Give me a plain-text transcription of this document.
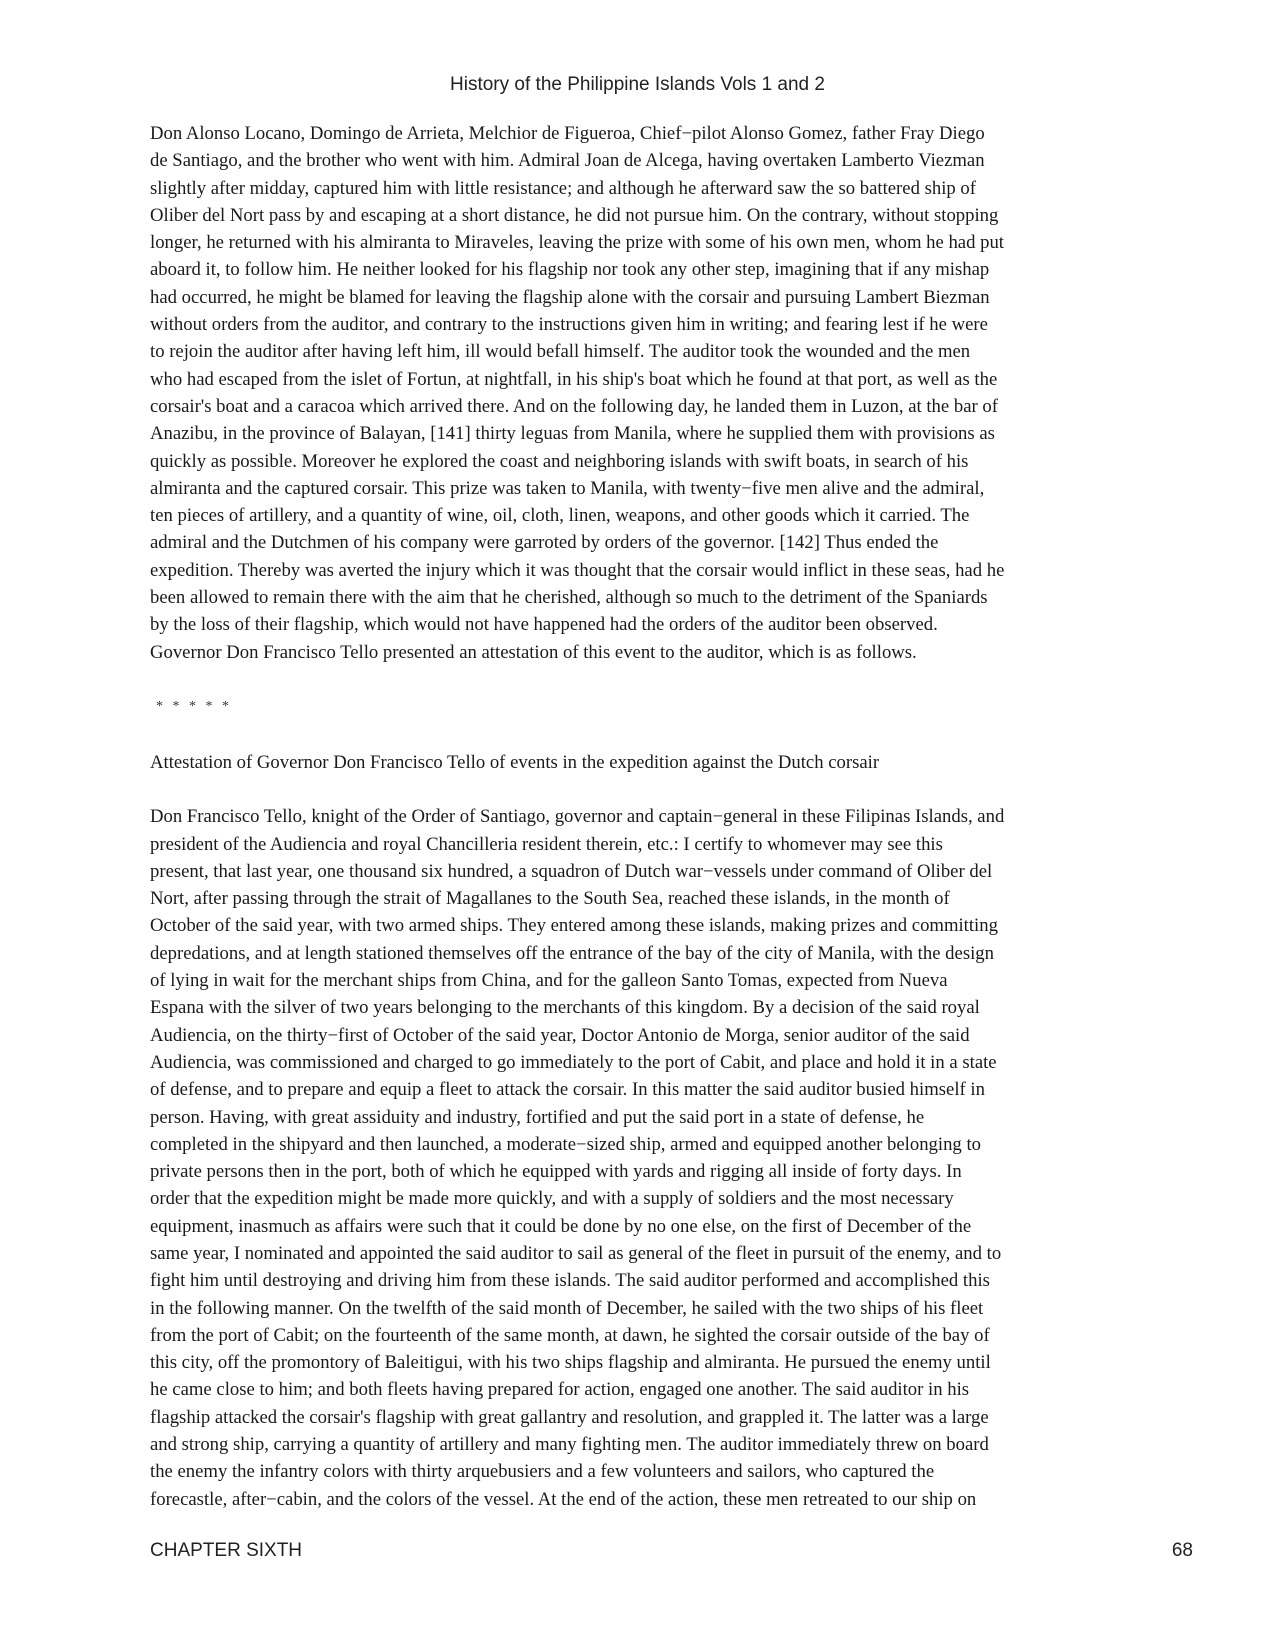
History of the Philippine Islands Vols 1 and 2

Don Alonso Locano, Domingo de Arrieta, Melchior de Figueroa, Chief−pilot Alonso Gomez, father Fray Diego
de Santiago, and the brother who went with him. Admiral Joan de Alcega, having overtaken Lamberto Viezman
slightly after midday, captured him with little resistance; and although he afterward saw the so battered ship of
Oliber del Nort pass by and escaping at a short distance, he did not pursue him. On the contrary, without stopping
longer, he returned with his almiranta to Miraveles, leaving the prize with some of his own men, whom he had put
aboard it, to follow him. He neither looked for his flagship nor took any other step, imagining that if any mishap
had occurred, he might be blamed for leaving the flagship alone with the corsair and pursuing Lambert Biezman
without orders from the auditor, and contrary to the instructions given him in writing; and fearing lest if he were
to rejoin the auditor after having left him, ill would befall himself. The auditor took the wounded and the men
who had escaped from the islet of Fortun, at nightfall, in his ship's boat which he found at that port, as well as the
corsair's boat and a caracoa which arrived there. And on the following day, he landed them in Luzon, at the bar of
Anazibu, in the province of Balayan, [141] thirty leguas from Manila, where he supplied them with provisions as
quickly as possible. Moreover he explored the coast and neighboring islands with swift boats, in search of his
almiranta and the captured corsair. This prize was taken to Manila, with twenty−five men alive and the admiral,
ten pieces of artillery, and a quantity of wine, oil, cloth, linen, weapons, and other goods which it carried. The
admiral and the Dutchmen of his company were garroted by orders of the governor. [142] Thus ended the
expedition. Thereby was averted the injury which it was thought that the corsair would inflict in these seas, had he
been allowed to remain there with the aim that he cherished, although so much to the detriment of the Spaniards
by the loss of their flagship, which would not have happened had the orders of the auditor been observed.
Governor Don Francisco Tello presented an attestation of this event to the auditor, which is as follows.

* * * * *

Attestation of Governor Don Francisco Tello of events in the expedition against the Dutch corsair

Don Francisco Tello, knight of the Order of Santiago, governor and captain−general in these Filipinas Islands, and
president of the Audiencia and royal Chancilleria resident therein, etc.: I certify to whomever may see this
present, that last year, one thousand six hundred, a squadron of Dutch war−vessels under command of Oliber del
Nort, after passing through the strait of Magallanes to the South Sea, reached these islands, in the month of
October of the said year, with two armed ships. They entered among these islands, making prizes and committing
depredations, and at length stationed themselves off the entrance of the bay of the city of Manila, with the design
of lying in wait for the merchant ships from China, and for the galleon Santo Tomas, expected from Nueva
Espana with the silver of two years belonging to the merchants of this kingdom. By a decision of the said royal
Audiencia, on the thirty−first of October of the said year, Doctor Antonio de Morga, senior auditor of the said
Audiencia, was commissioned and charged to go immediately to the port of Cabit, and place and hold it in a state
of defense, and to prepare and equip a fleet to attack the corsair. In this matter the said auditor busied himself in
person. Having, with great assiduity and industry, fortified and put the said port in a state of defense, he
completed in the shipyard and then launched, a moderate−sized ship, armed and equipped another belonging to
private persons then in the port, both of which he equipped with yards and rigging all inside of forty days. In
order that the expedition might be made more quickly, and with a supply of soldiers and the most necessary
equipment, inasmuch as affairs were such that it could be done by no one else, on the first of December of the
same year, I nominated and appointed the said auditor to sail as general of the fleet in pursuit of the enemy, and to
fight him until destroying and driving him from these islands. The said auditor performed and accomplished this
in the following manner. On the twelfth of the said month of December, he sailed with the two ships of his fleet
from the port of Cabit; on the fourteenth of the same month, at dawn, he sighted the corsair outside of the bay of
this city, off the promontory of Baleitigui, with his two ships flagship and almiranta. He pursued the enemy until
he came close to him; and both fleets having prepared for action, engaged one another. The said auditor in his
flagship attacked the corsair's flagship with great gallantry and resolution, and grappled it. The latter was a large
and strong ship, carrying a quantity of artillery and many fighting men. The auditor immediately threw on board
the enemy the infantry colors with thirty arquebusiers and a few volunteers and sailors, who captured the
forecastle, after−cabin, and the colors of the vessel. At the end of the action, these men retreated to our ship on

CHAPTER SIXTH	68
